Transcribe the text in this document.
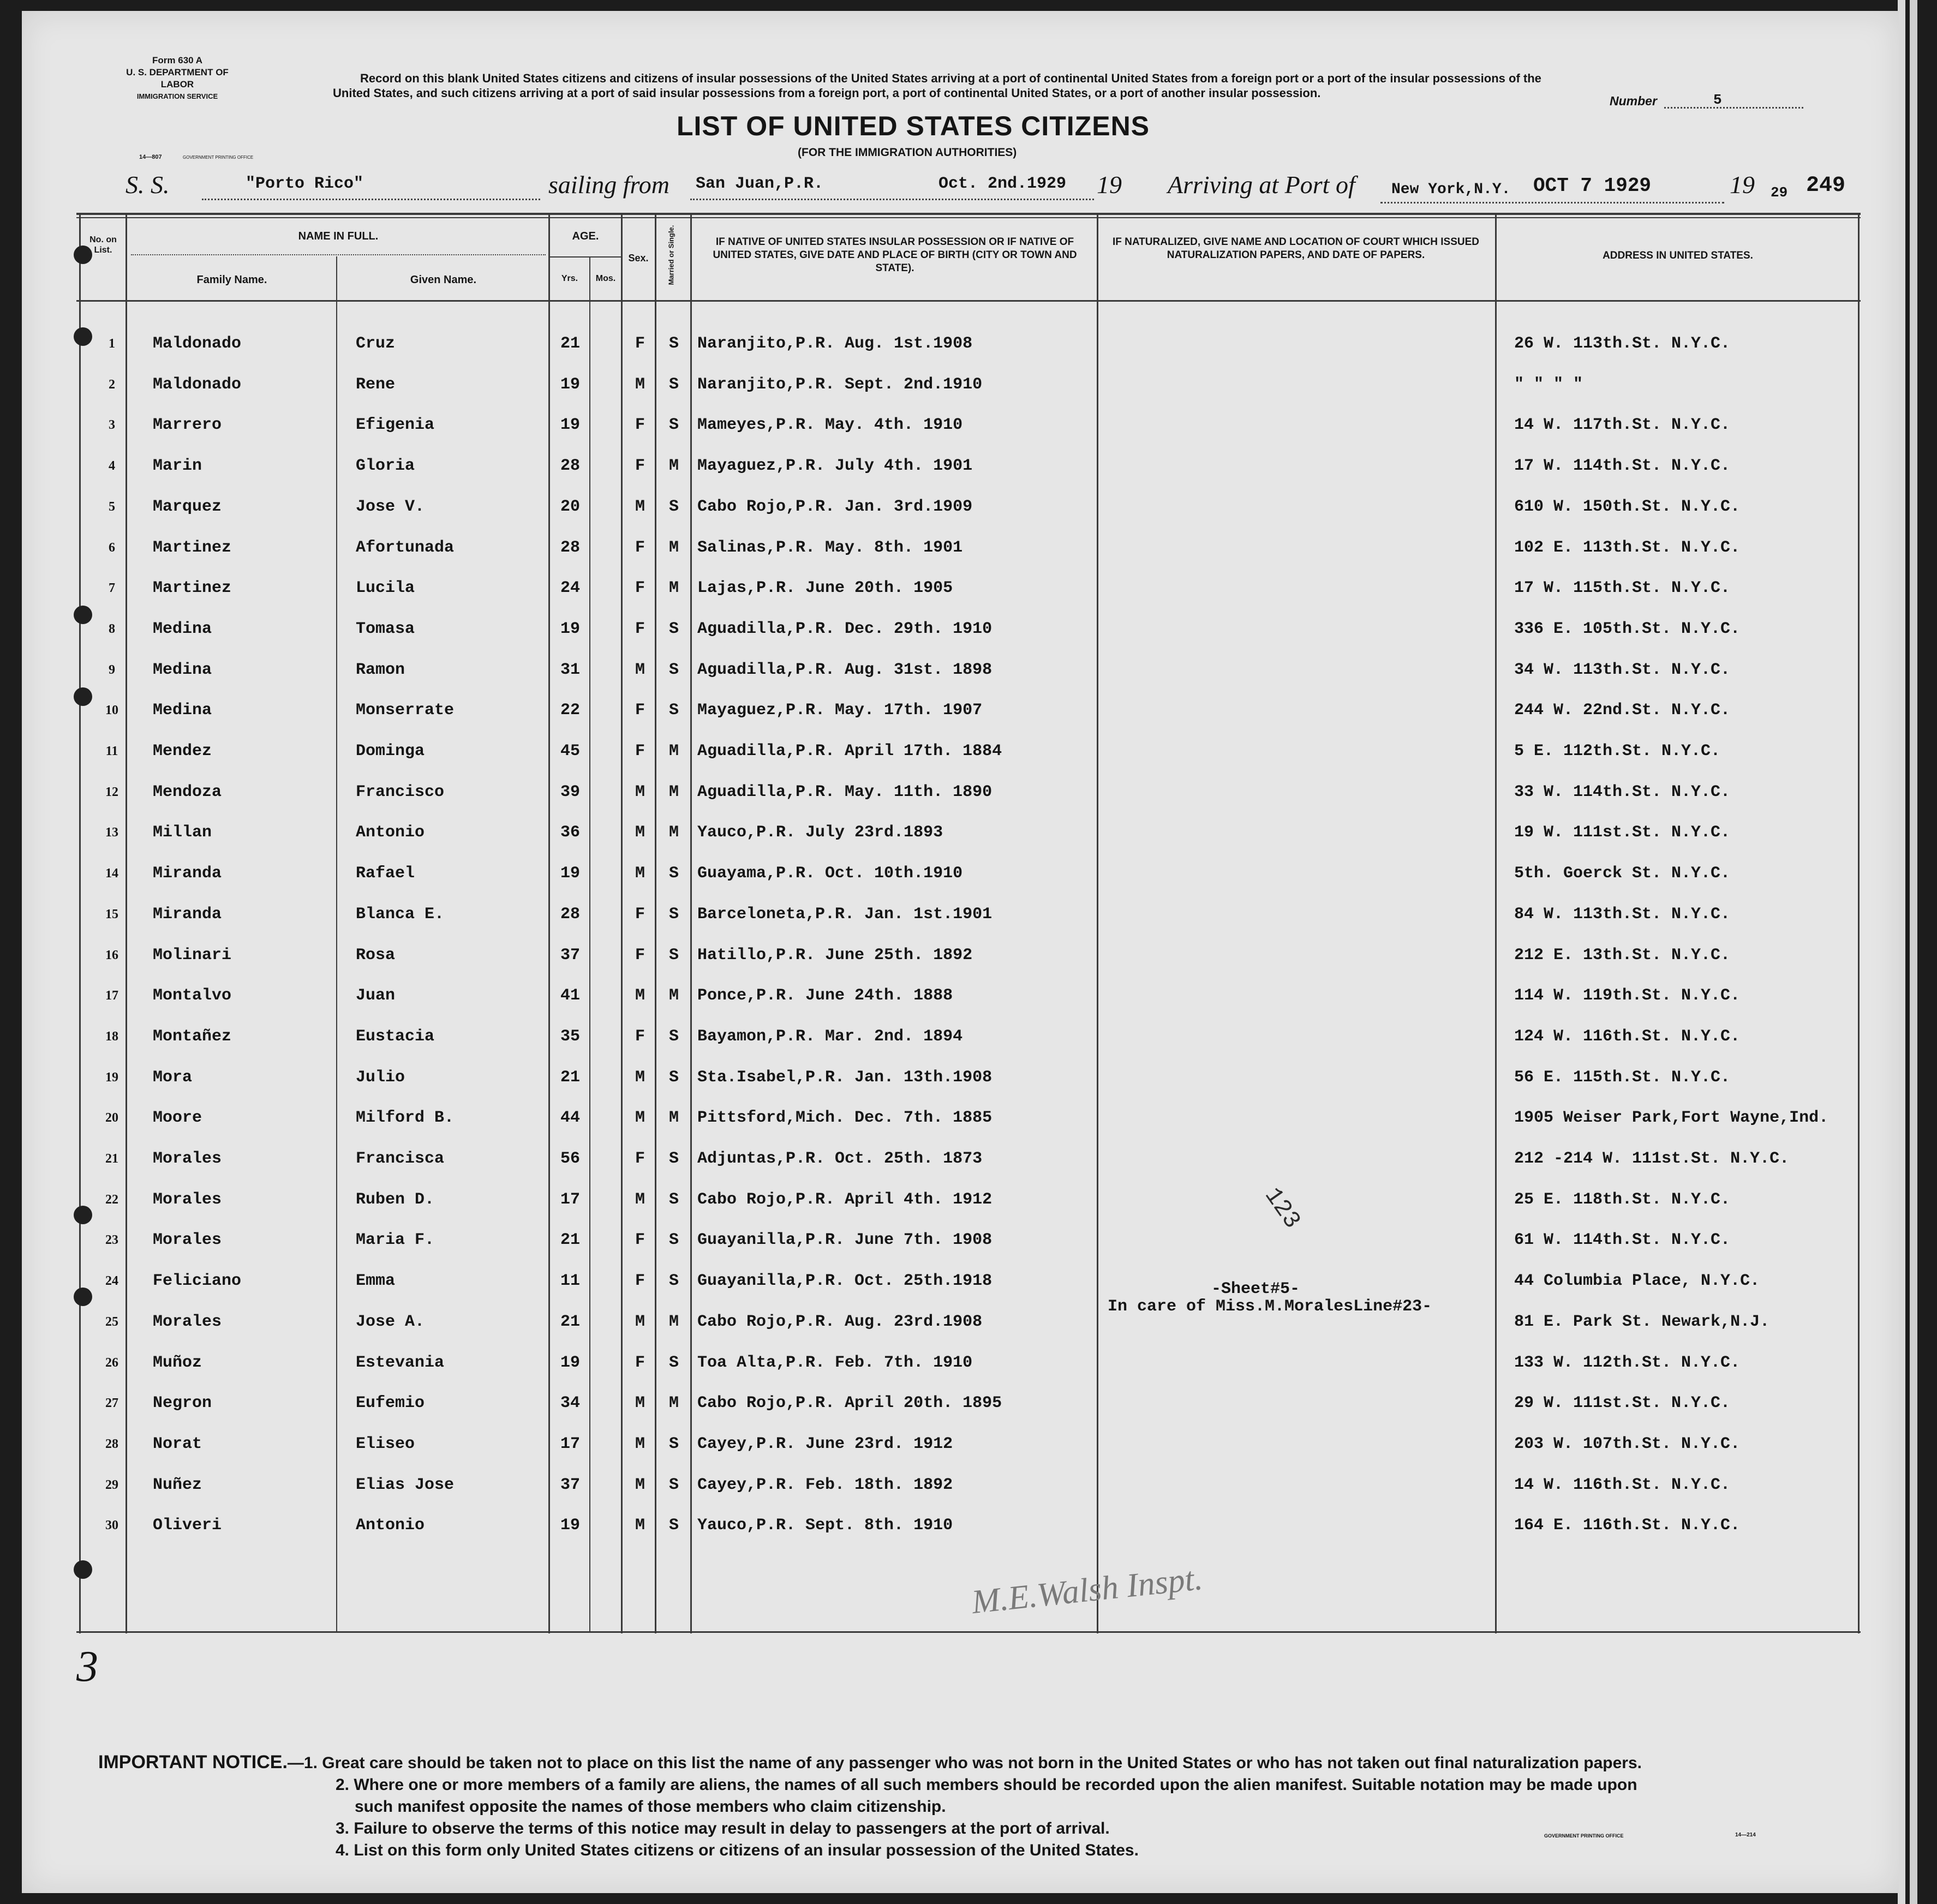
Form 630 A
U. S. DEPARTMENT OF LABOR
IMMIGRATION SERVICE
14—807	GOVERNMENT PRINTING OFFICE
Record on this blank United States citizens and citizens of insular possessions of the United States arriving at a port of continental United States from a foreign port or a port of the insular possessions of the United States, and such citizens arriving at a port of said insular possessions from a foreign port, a port of continental United States, or a port of another insular possession.
Number	5
LIST OF UNITED STATES CITIZENS
(FOR THE IMMIGRATION AUTHORITIES)
S. S.	"Porto Rico"	sailing from San Juan,P.R.	Oct. 2nd.1929 19 Arriving at Port of New York,N.Y. OCT 7 1929	19 29 249
No. on List.
NAME IN FULL.
Family Name.	Given Name.
AGE.
Yrs.	Mos.
Sex.	Married or Single.	IF NATIVE OF UNITED STATES INSULAR POSSESSION OR IF NATIVE OF UNITED STATES, GIVE DATE AND PLACE OF BIRTH (CITY OR TOWN AND STATE).
IF NATURALIZED, GIVE NAME AND LOCATION OF COURT WHICH ISSUED NATURALIZATION PAPERS, AND DATE OF PAPERS.	ADDRESS IN UNITED STATES.
1	Maldonado	Cruz	21	F	S	Naranjito,P.R. Aug. 1st.1908	26 W. 113th.St. N.Y.C.
2	Maldonado	Rene	19	M	S	Naranjito,P.R. Sept. 2nd.1910	" " " "
3	Marrero	Efigenia	19	F	S	Mameyes,P.R. May. 4th. 1910	14 W. 117th.St. N.Y.C.
4	Marin	Gloria	28	F	M	Mayaguez,P.R. July 4th. 1901	17 W. 114th.St. N.Y.C.
5	Marquez	Jose V.	20	M	S	Cabo Rojo,P.R. Jan. 3rd.1909	610 W. 150th.St. N.Y.C.
6	Martinez	Afortunada	28	F	M	Salinas,P.R. May. 8th. 1901	102 E. 113th.St. N.Y.C.
7	Martinez	Lucila	24	F	M	Lajas,P.R. June 20th. 1905	17 W. 115th.St. N.Y.C.
8	Medina	Tomasa	19	F	S	Aguadilla,P.R. Dec. 29th. 1910	336 E. 105th.St. N.Y.C.
9	Medina	Ramon	31	M	S	Aguadilla,P.R. Aug. 31st. 1898	34 W. 113th.St. N.Y.C.
10 Medina	Monserrate	22	F	S	Mayaguez,P.R. May. 17th. 1907	244 W. 22nd.St. N.Y.C.
11 Mendez	Dominga	45	F	M	Aguadilla,P.R. April 17th. 1884	5 E. 112th.St. N.Y.C.
12 Mendoza	Francisco	39	M	M	Aguadilla,P.R. May. 11th. 1890	33 W. 114th.St. N.Y.C.
13 Millan	Antonio	36	M	M	Yauco,P.R. July 23rd.1893	19 W. 111st.St. N.Y.C.
14 Miranda	Rafael	19	M	S	Guayama,P.R. Oct. 10th.1910	5th. Goerck St. N.Y.C.
15 Miranda	Blanca E.	28	F	S	Barceloneta,P.R. Jan. 1st.1901	84 W. 113th.St. N.Y.C.
16 Molinari	Rosa	37	F	S	Hatillo,P.R. June 25th. 1892	212 E. 13th.St. N.Y.C.
17 Montalvo	Juan	41	M	M	Ponce,P.R. June 24th. 1888	114 W. 119th.St. N.Y.C.
18 Montañez	Eustacia	35	F	S	Bayamon,P.R. Mar. 2nd. 1894	124 W. 116th.St. N.Y.C.
19 Mora	Julio	21	M	S	Sta.Isabel,P.R. Jan. 13th.1908	56 E. 115th.St. N.Y.C.
20 Moore	Milford B.	44	M	M	Pittsford,Mich. Dec. 7th. 1885	1905 Weiser Park,Fort Wayne,Ind.
21 Morales	Francisca	56	F	S	Adjuntas,P.R. Oct. 25th. 1873	212 -214 W. 111st.St. N.Y.C.
22 Morales	Ruben D.	17	M	S	Cabo Rojo,P.R. April 4th. 1912	25 E. 118th.St. N.Y.C.
23 Morales	Maria F.	21	F	S	Guayanilla,P.R. June 7th. 1908	61 W. 114th.St. N.Y.C.
24 Feliciano	Emma	11	F	S	Guayanilla,P.R. Oct. 25th.1918	44 Columbia Place, N.Y.C.
25 Morales	Jose A.	21	M	M	Cabo Rojo,P.R. Aug. 23rd.1908	81 E. Park St. Newark,N.J.
26 Muñoz	Estevania	19	F	S	Toa Alta,P.R. Feb. 7th. 1910	133 W. 112th.St. N.Y.C.
27 Negron	Eufemio	34	M	M	Cabo Rojo,P.R. April 20th. 1895	29 W. 111st.St. N.Y.C.
28 Norat	Eliseo	17	M	S	Cayey,P.R. June 23rd. 1912	203 W. 107th.St. N.Y.C.
29 Nuñez	Elias Jose	37	M	S	Cayey,P.R. Feb. 18th. 1892	14 W. 116th.St. N.Y.C.
30 Oliveri	Antonio	19	M	S	Yauco,P.R. Sept. 8th. 1910	164 E. 116th.St. N.Y.C.
123
-Sheet#5-
In care of Miss.M.MoralesLine#23-
M.E.Walsh Inspt.
3
IMPORTANT NOTICE.—1. Great care should be taken not to place on this list the name of any passenger who was not born in the United States or who has not taken out final naturalization papers.
2. Where one or more members of a family are aliens, the names of all such members should be recorded upon the alien manifest. Suitable notation may be made upon
such manifest opposite the names of those members who claim citizenship.
3. Failure to observe the terms of this notice may result in delay to passengers at the port of arrival.
4. List on this form only United States citizens or citizens of an insular possession of the United States.
GOVERNMENT PRINTING OFFICE	14—214
